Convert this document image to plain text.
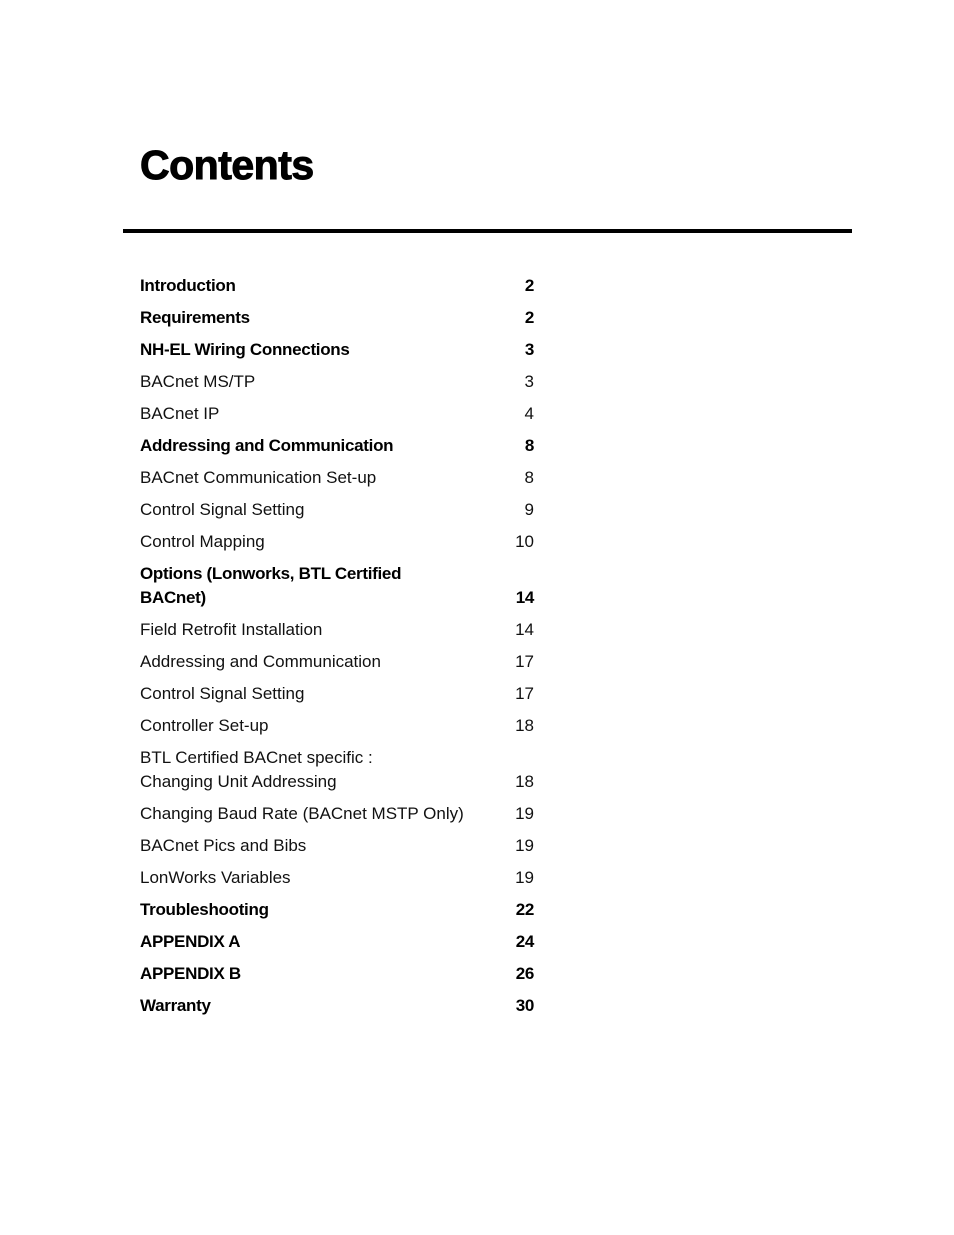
Contents
Introduction	2
Requirements	2
NH-EL Wiring Connections	3
BACnet MS/TP	3
BACnet IP	4
Addressing and Communication	8
BACnet Communication Set-up	8
Control Signal Setting	9
Control Mapping	10
Options (Lonworks, BTL Certified
BACnet)	14
Field Retrofit Installation	14
Addressing and Communication	17
Control Signal Setting	17
Controller Set-up	18
BTL Certified BACnet specific :
Changing Unit Addressing	18
Changing Baud Rate (BACnet MSTP Only)	19
BACnet Pics and Bibs	19
LonWorks Variables	19
Troubleshooting	22
APPENDIX A	24
APPENDIX B	26
Warranty	30
